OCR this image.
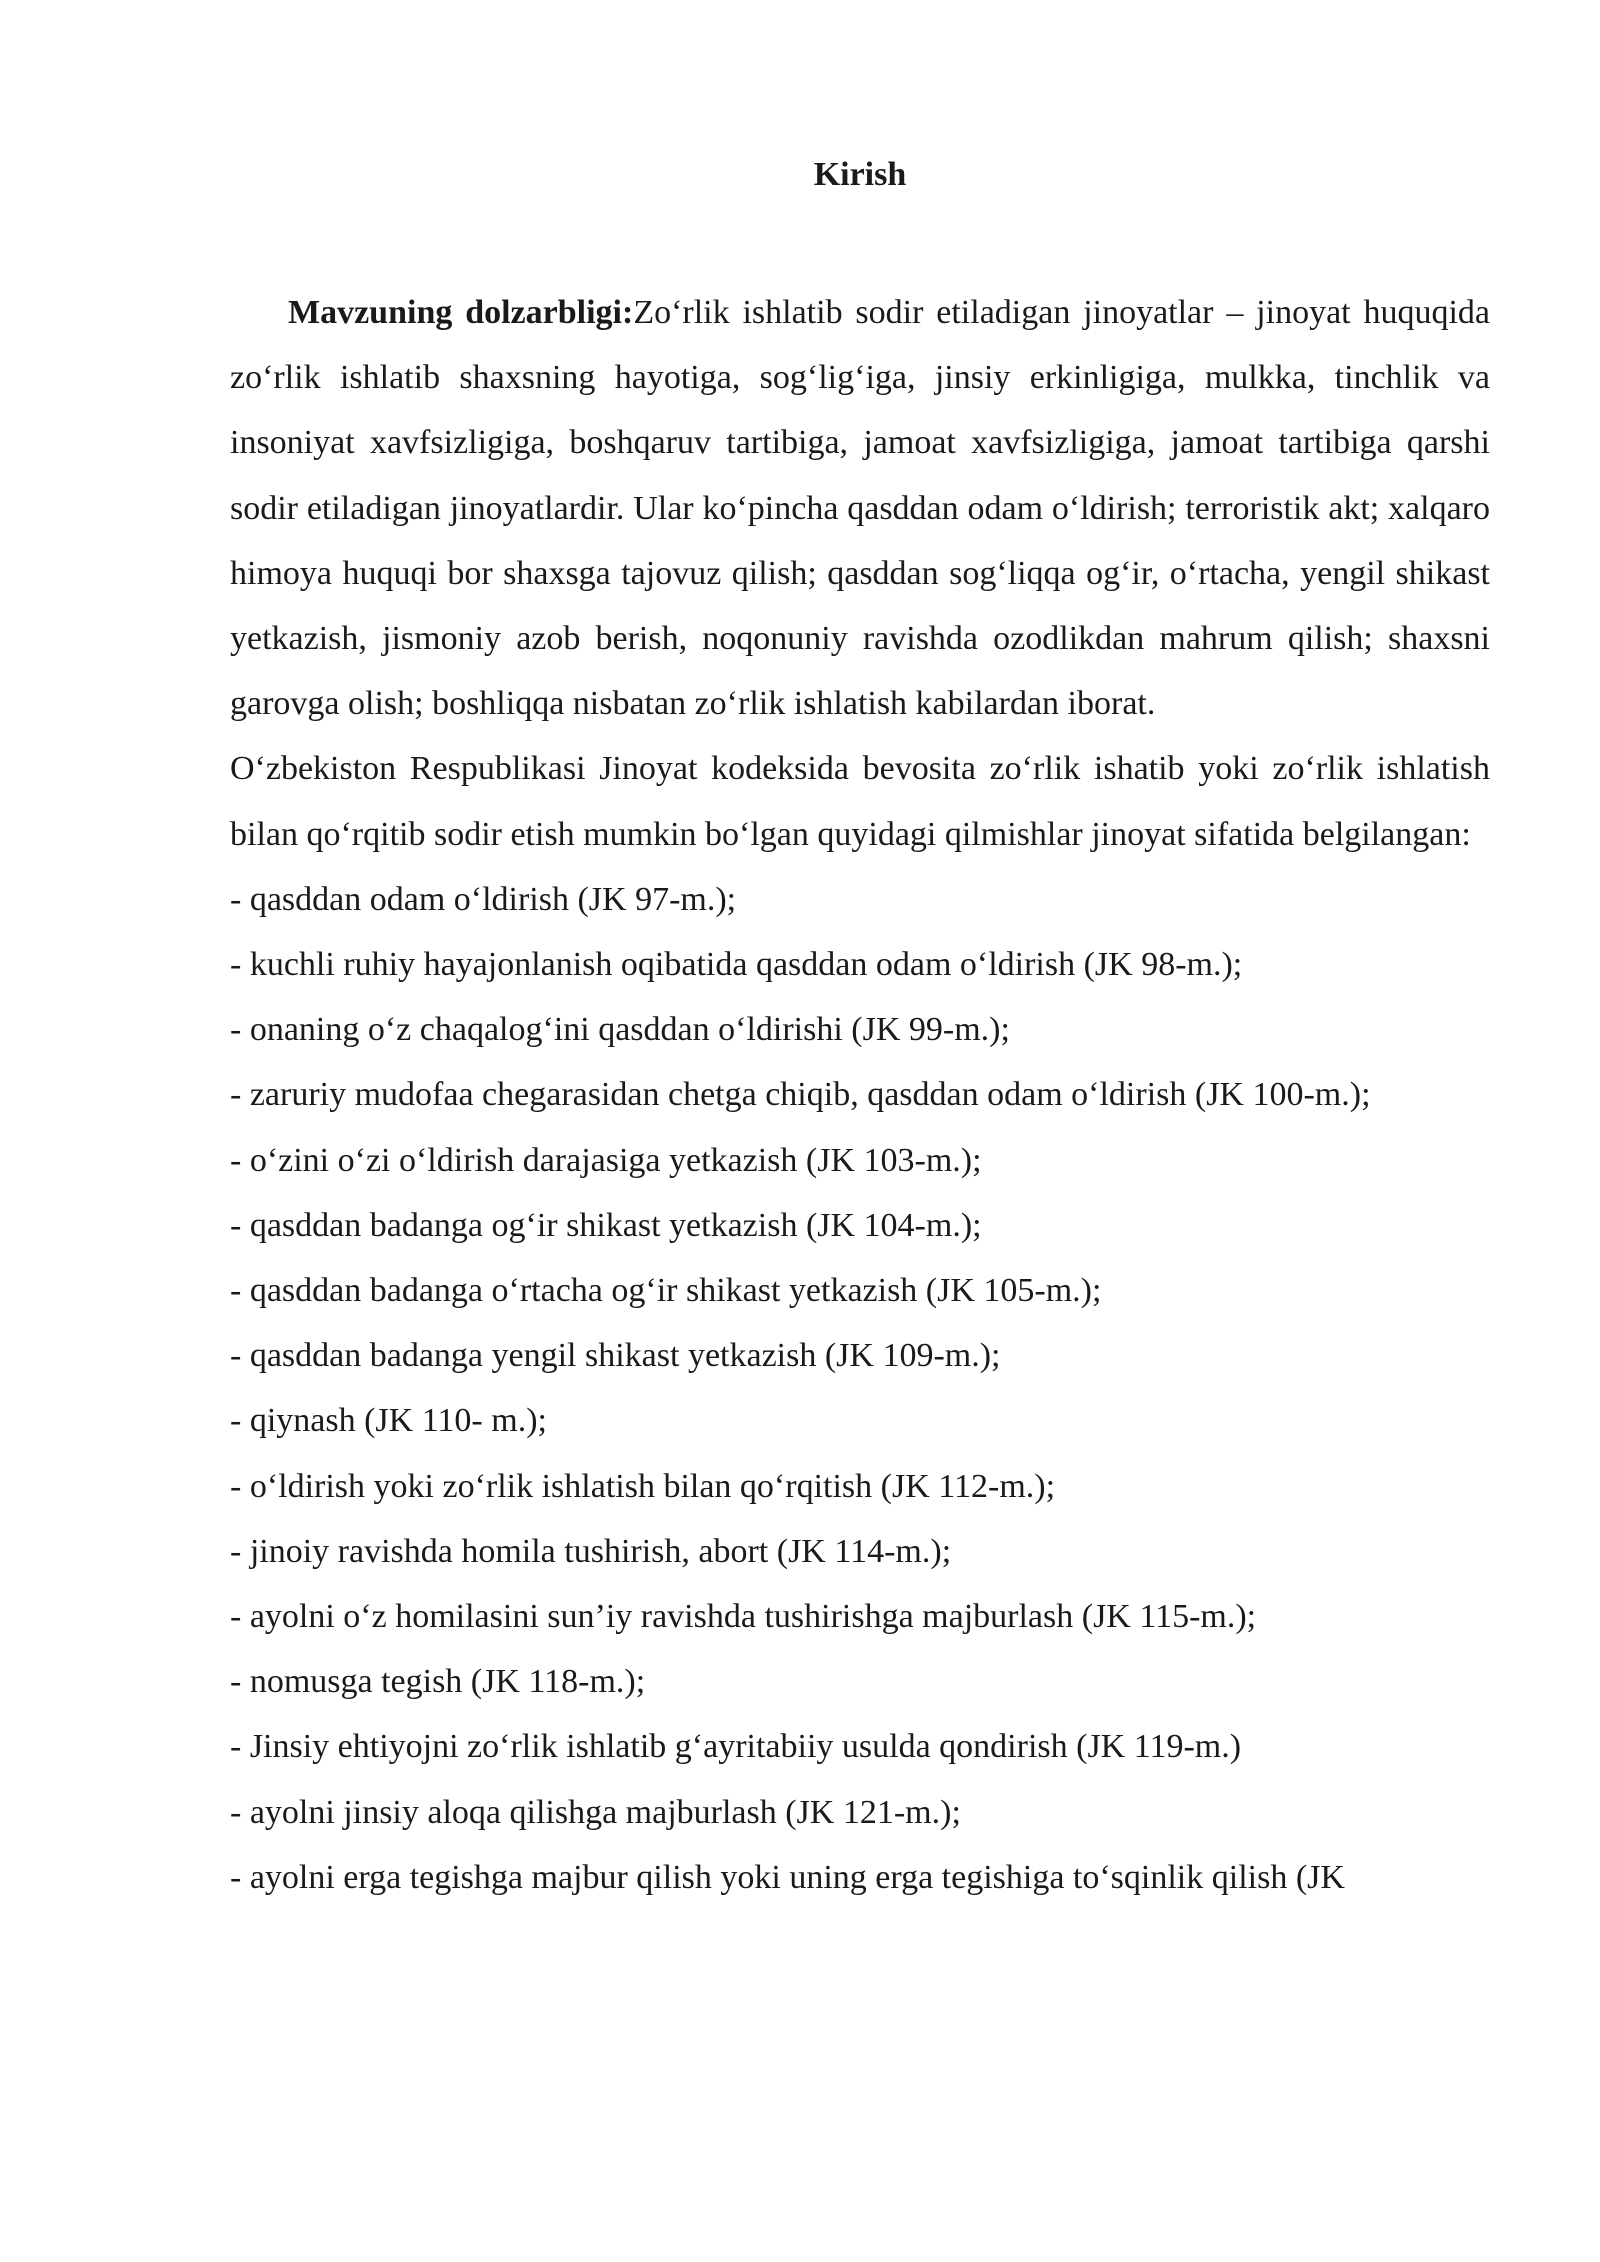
Kirish

Mavzuning dolzarbligi:Zo‘rlik ishlatib sodir etiladigan jinoyatlar – jinoyat huquqida zo‘rlik ishlatib shaxsning hayotiga, sog‘lig‘iga, jinsiy erkinligiga, mulkka, tinchlik va insoniyat xavfsizligiga, boshqaruv tartibiga, jamoat xavfsizligiga, jamoat tartibiga qarshi sodir etiladigan jinoyatlardir. Ular ko‘pincha qasddan odam o‘ldirish; terroristik akt; xalqaro himoya huquqi bor shaxsga tajovuz qilish; qasddan sog‘liqqa og‘ir, o‘rtacha, yengil shikast yetkazish, jismoniy azob berish, noqonuniy ravishda ozodlikdan mahrum qilish; shaxsni garovga olish; boshliqqa nisbatan zo‘rlik ishlatish kabilardan iborat.

O‘zbekiston Respublikasi Jinoyat kodeksida bevosita zo‘rlik ishatib yoki zo‘rlik ishlatish bilan qo‘rqitib sodir etish mumkin bo‘lgan quyidagi qilmishlar jinoyat sifatida belgilangan:

- qasddan odam o‘ldirish (JK 97-m.);
- kuchli ruhiy hayajonlanish oqibatida qasddan odam o‘ldirish (JK 98-m.);
- onaning o‘z chaqalog‘ini qasddan o‘ldirishi (JK 99-m.);
- zaruriy mudofaa chegarasidan chetga chiqib, qasddan odam o‘ldirish (JK 100-m.);
- o‘zini o‘zi o‘ldirish darajasiga yetkazish (JK 103-m.);
- qasddan badanga og‘ir shikast yetkazish (JK 104-m.);
- qasddan badanga o‘rtacha og‘ir shikast yetkazish (JK 105-m.);
- qasddan badanga yengil shikast yetkazish (JK 109-m.);
- qiynash (JK 110- m.);
- o‘ldirish yoki zo‘rlik ishlatish bilan qo‘rqitish (JK 112-m.);
- jinoiy ravishda homila tushirish, abort (JK 114-m.);
- ayolni o‘z homilasini sun’iy ravishda tushirishga majburlash (JK 115-m.);
- nomusga tegish (JK 118-m.);
- Jinsiy ehtiyojni zo‘rlik ishlatib g‘ayritabiiy usulda qondirish (JK 119-m.)
- ayolni jinsiy aloqa qilishga majburlash (JK 121-m.);
- ayolni erga tegishga majbur qilish yoki uning erga tegishiga to‘sqinlik qilish (JK
